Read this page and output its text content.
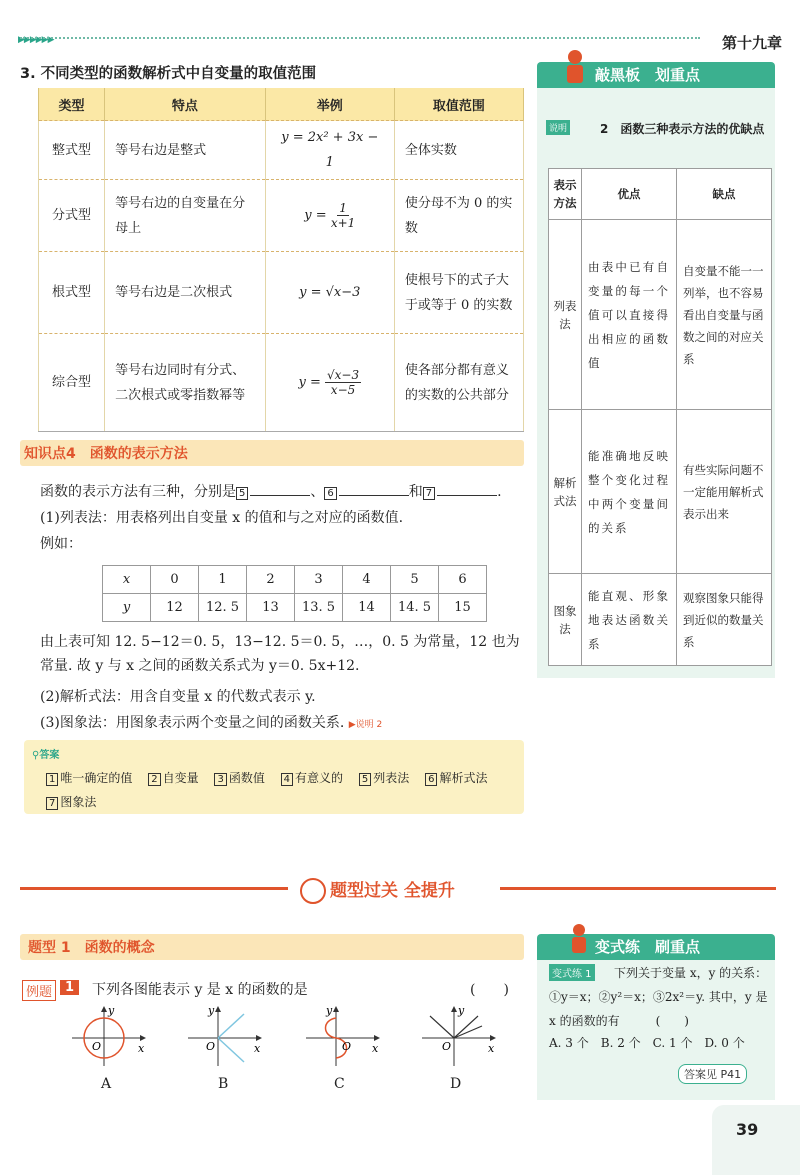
▶▶▶▶▶▶	第十九章
3. 不同类型的函数解析式中自变量的取值范围
类型	特点	举例	取值范围
整式型	等号右边是整式	y = 2x² + 3x − 1	全体实数
分式型	等号右边的自变量在分母上	$y = \frac{1}{x+1}$	使分母不为 0 的实数
根式型	等号右边是二次根式	y = √x−3	使根号下的式子大于或等于 0 的实数
综合型	等号右边同时有分式、二次根式或零指数幂等	$y = \frac{√x-3}{x-5}$	使各部分都有意义的实数的公共部分
知识点4　函数的表示方法
函数的表示方法有三种，分别是 5	、 6	和 7	.
(1)列表法：用表格列出自变量 x 的值和与之对应的函数值.
例如：
x	0	1	2	3	4	5	6
y	12	12. 5	13	13. 5	14	14. 5	15
由上表可知 12. 5−12＝0. 5，13−12. 5＝0. 5，…，0. 5 为常量，12 也为常量. 故 y 与 x 之间的函数关系式为 y＝0. 5x+12.
(2)解析式法：用含自变量 x 的代数式表示 y.
(3)图象法：用图象表示两个变量之间的函数关系. ▶说明 2
⚲答案
1 唯一确定的值 2 自变量 3 函数值 4 有意义的 5 列表法 6 解析式法
7 图象法
敲黑板　划重点
2　函数三种表示方法的优缺点
说明
表示方法	优点	缺点
列表法	由表中已有自变量的每一个值可以直接得出相应的函数值	自变量不能一一列举，也不容易看出自变量与函数之间的对应关系
解析式法	能准确地反映整个变化过程中两个变量间的关系	有些实际问题不一定能用解析式表示出来
图象法	能直观、形象地表达函数关系	观察图象只能得到近似的数量关系
题型过关 全提升
题型 1　函数的概念
例题 1	下列各图能表示 y 是 x 的函数的是	(　　)
y
x
O
A
y
x
O
B
y
x
O
C
y
x
O
D
变式练　刷重点
下列关于变量 x，y 的关系：①y＝x；②y²＝x；③2x²＝y. 其中，y 是 x 的函数的有　　　(　　)
变式练 1
A. 3 个　B. 2 个　C. 1 个　D. 0 个
答案见 P41
39
